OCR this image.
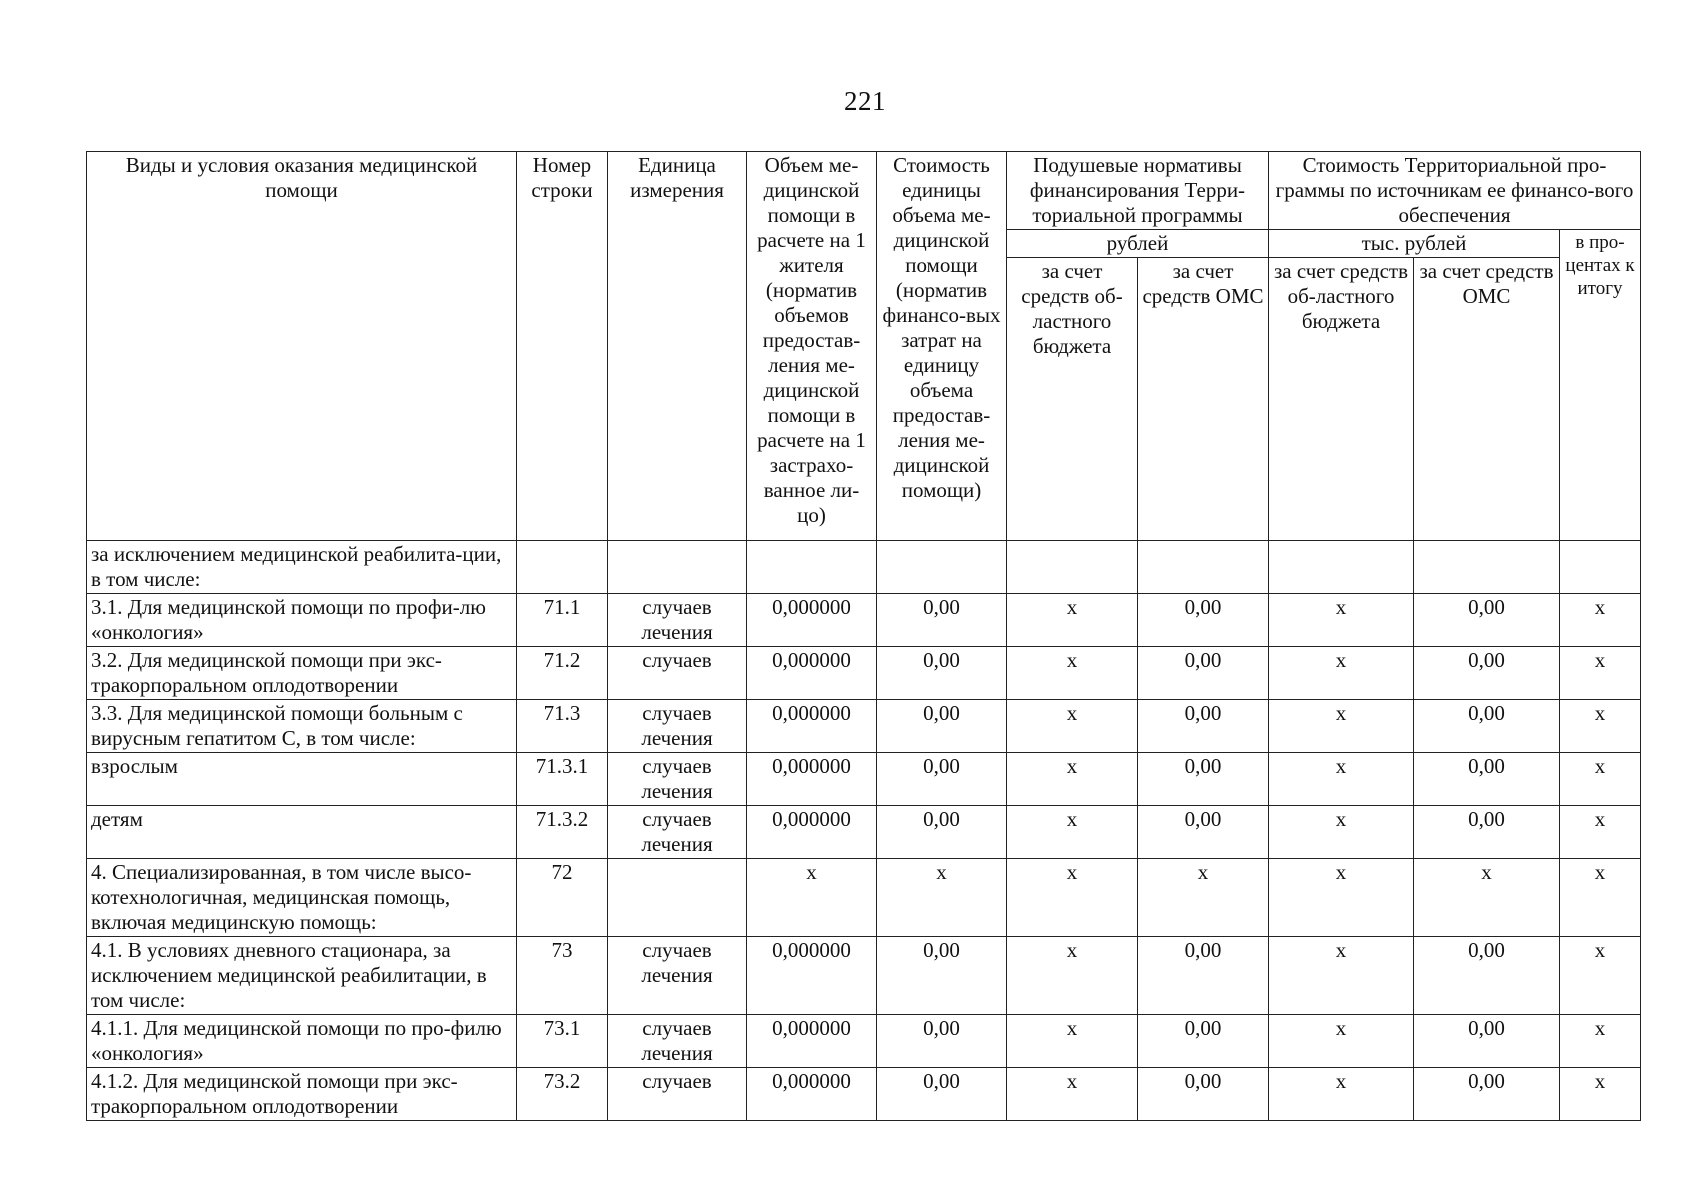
221
Виды и условия оказания медицинской помощи	Номер строки	Единица измерения	Объем ме-дицинской помощи в расчете на 1 жителя (норматив объемов предостав-ления ме-дицинской помощи в расчете на 1 застрахо-ванное ли-цо)	Стоимость единицы объема ме-дицинской помощи (норматив финансо-вых затрат на единицу объема предостав-ления ме-дицинской помощи)	Подушевые нормативы финансирования Терри-ториальной программы		Стоимость Территориальной про-граммы по источникам ее финансо-вого обеспечения		
					рублей		тыс. рублей		в про-центах к итогу
					за счет средств об-ластного бюджета	за счет средств ОМС	за счет средств об-ластного бюджета	за счет средств ОМС	

за исключением медицинской реабилита-ции, в том числе:									
3.1. Для медицинской помощи по профи-лю «онкология»	71.1	случаев лечения	0,000000	0,00	х	0,00	х	0,00	х
3.2. Для медицинской помощи при экс-тракорпоральном оплодотворении	71.2	случаев	0,000000	0,00	х	0,00	х	0,00	х
3.3. Для медицинской помощи больным с вирусным гепатитом С, в том числе:	71.3	случаев лечения	0,000000	0,00	х	0,00	х	0,00	х
взрослым	71.3.1	случаев лечения	0,000000	0,00	х	0,00	х	0,00	х
детям	71.3.2	случаев лечения	0,000000	0,00	х	0,00	х	0,00	х
4. Специализированная, в том числе высо-котехнологичная, медицинская помощь, включая медицинскую помощь:	72		х	х	х	х	х	х	х
4.1. В условиях дневного стационара, за исключением медицинской реабилитации, в том числе:	73	случаев лечения	0,000000	0,00	х	0,00	х	0,00	х
4.1.1. Для медицинской помощи по про-филю «онкология»	73.1	случаев лечения	0,000000	0,00	х	0,00	х	0,00	х
4.1.2. Для медицинской помощи при экс-тракорпоральном оплодотворении	73.2	случаев	0,000000	0,00	х	0,00	х	0,00	х
